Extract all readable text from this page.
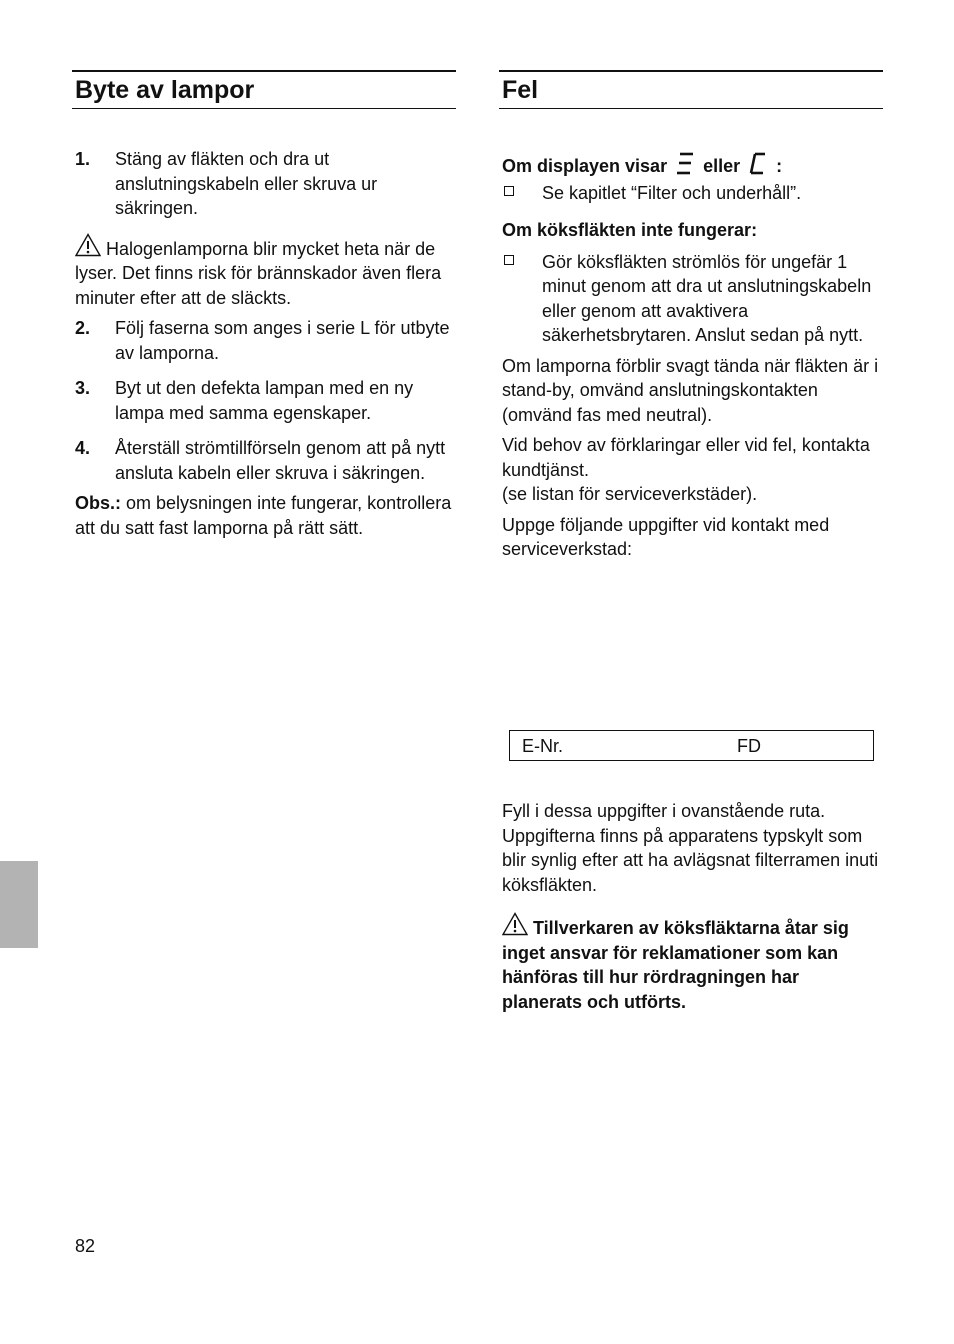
Byte av lampor
1. Stäng av fläkten och dra ut anslutningskabeln eller skruva ur säkringen.
Halogenlamporna blir mycket heta när de lyser. Det finns risk för brännskador även flera minuter efter att de släckts.
2. Följ faserna som anges i serie L för utbyte av lamporna.
3. Byt ut den defekta lampan med en ny lampa med samma egenskaper.
4. Återställ strömtillförseln genom att på nytt ansluta kabeln eller skruva i säkringen.
Obs.: om belysningen inte fungerar, kontrollera att du satt fast lamporna på rätt sätt.
Fel
Om displayen visar eller :
Se kapitlet “Filter och underhåll”.
Om köksfläkten inte fungerar:
Gör köksfläkten strömlös för ungefär 1 minut genom att dra ut anslutningskabeln eller genom att avaktivera säkerhetsbrytaren. Anslut sedan på nytt.
Om lamporna förblir svagt tända när fläkten är i stand-by, omvänd anslutningskontakten (omvänd fas med neutral).
Vid behov av förklaringar eller vid fel, kontakta kundtjänst.
(se listan för serviceverkstäder).
Uppge följande uppgifter vid kontakt med serviceverkstad:
E-Nr.	FD
Fyll i dessa uppgifter i ovanstående ruta. Uppgifterna finns på apparatens typskylt som blir synlig efter att ha avlägsnat filterramen inuti köksfläkten.
Tillverkaren av köksfläktarna åtar sig inget ansvar för reklamationer som kan hänföras till hur rördragningen har planerats och utförts.
82
